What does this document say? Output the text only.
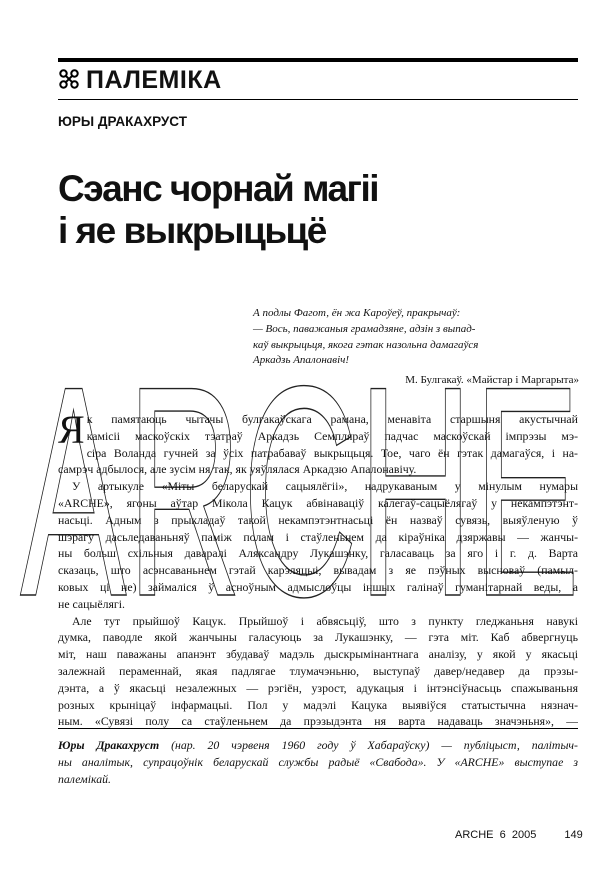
ПАЛЕМІКА
ЮРЫ ДРАКАХРУСТ
Сэанс чорнай магіі
і яе выкрыцьцё
ARCHE
А подлы Фагот, ён жа Кароўеў, пракрычаў:
— Вось, паважаныя грамадзяне, адзін з выпад-
каў выкрыцьця, якога гэтак назольна дамагаўся
Аркадзь Апалонавіч!
М. Булгакаў. «Майстар і Маргарыта»
Я к памятаюць чытачы булгакаўскага рамана, менавіта старшыня акустычнай
камісіі маскоўскіх тэатраў Аркадзь Семпляраў падчас маскоўскай імпрэзы мэ-
сіра Воланда гучней за ўсіх патрабаваў выкрыцьця. Тое, чаго ён гэтак дамагаўся, і на-
самрэч адбылося, але зусім ня так, як уяўлялася Аркадзю Апалонавічу.
У артыкуле «Міты беларускай сацыялёгіі», надрукаваным у мінулым нумары
«ARCHE», ягоны аўтар Мікола Кацук абвінаваціў калегаў-сацыёлягаў у некампэтэнт-
насьці. Адным з прыкладаў такой некампэтэнтнасьці ён назваў сувязь, выяўленую ў
шэрагу дасьледаваньняў паміж полам і стаўленьнем да кіраўніка дзяржавы — жанчы-
ны больш схільныя даваралі Аляксандру Лукашэнку, галасаваць за яго і г. д. Варта
сказаць, што асэнсаваньнем гэтай карэляцыі, вывадам з яе пэўных высноваў (памыл-
ковых ці не) займаліся ў асноўным адмыслоўцы іншых галінаў гуманітарнай веды, а
не сацыёлягі.
Але тут прыйшоў Кацук. Прыйшоў і абвясьціў, што з пункту гледжаньня навукі
думка, паводле якой жанчыны галасуюць за Лукашэнку, — гэта міт. Каб абвергнуць
міт, наш паважаны апанэнт збудаваў мадэль дыскрымінантнага аналізу, у якой у якасьці
залежнай пераменнай, якая падлягае тлумачэньню, выступаў давер/недавер да прэзы-
дэнта, а ў якасьці незалежных — рэгіён, узрост, адукацыя і інтэнсіўнасьць спажываньня
розных крыніцаў інфармацыі. Пол у мадэлі Кацука выявіўся статыстычна нязнач-
ным. «Сувязі полу са стаўленьнем да прэзыдэнта ня варта надаваць значэньня», —
Юры Дракахруст (нар. 20 чэрвеня 1960 году ў Хабараўску) — публіцыст, палітыч-
ны аналітык, супрацоўнік беларускай службы радыё «Свабода». У «ARCHE» выступае з
палемікай.
ARCHE  6  2005	149
